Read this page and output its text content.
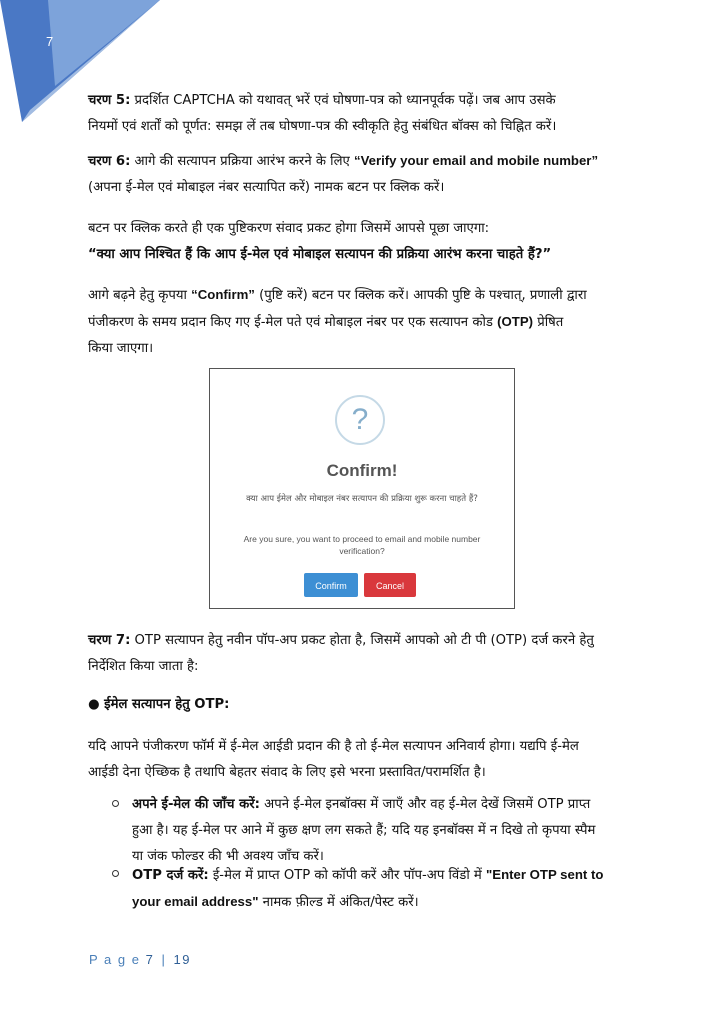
7

चरण 5: प्रदर्शित CAPTCHA को यथावत् भरें एवं घोषणा-पत्र को ध्यानपूर्वक पढ़ें। जब आप उसके

नियमों एवं शर्तों को पूर्णत: समझ लें तब घोषणा-पत्र की स्वीकृति हेतु संबंधित बॉक्स को चिह्नित करें।

चरण 6: आगे की सत्यापन प्रक्रिया आरंभ करने के लिए “Verify your email and mobile number”

(अपना ई-मेल एवं मोबाइल नंबर सत्यापित करें) नामक बटन पर क्लिक करें।

बटन पर क्लिक करते ही एक पुष्टिकरण संवाद प्रकट होगा जिसमें आपसे पूछा जाएगा:

“क्या आप निश्चित हैं कि आप ई-मेल एवं मोबाइल सत्यापन की प्रक्रिया आरंभ करना चाहते हैं?”

आगे बढ़ने हेतु कृपया “Confirm” (पुष्टि करें) बटन पर क्लिक करें। आपकी पुष्टि के पश्चात्, प्रणाली द्वारा

पंजीकरण के समय प्रदान किए गए ई-मेल पते एवं मोबाइल नंबर पर एक सत्यापन कोड (OTP) प्रेषित

किया जाएगा।

?
Confirm!
क्या आप ईमेल और मोबाइल नंबर सत्यापन की प्रक्रिया शुरू करना चाहते हैं?
Are you sure, you want to proceed to email and mobile number verification?
Confirm	Cancel

चरण 7: OTP सत्यापन हेतु नवीन पॉप-अप प्रकट होता है, जिसमें आपको ओ टी पी (OTP) दर्ज करने हेतु

निर्देशित किया जाता है:

● ईमेल सत्यापन हेतु OTP:

यदि आपने पंजीकरण फॉर्म में ई-मेल आईडी प्रदान की है तो ई-मेल सत्यापन अनिवार्य होगा। यद्यपि ई-मेल

आईडी देना ऐच्छिक है तथापि बेहतर संवाद के लिए इसे भरना प्रस्तावित/परामर्शित है।

अपने ई-मेल की जाँच करें: अपने ई-मेल इनबॉक्स में जाएँ और वह ई-मेल देखें जिसमें OTP प्राप्त

हुआ है। यह ई-मेल पर आने में कुछ क्षण लग सकते हैं; यदि यह इनबॉक्स में न दिखे तो कृपया स्पैम

या जंक फोल्डर की भी अवश्य जाँच करें।

OTP दर्ज करें: ई-मेल में प्राप्त OTP को कॉपी करें और पॉप-अप विंडो में "Enter OTP sent to

your email address" नामक फ़ील्ड में अंकित/पेस्ट करें।

P a g e 7 | 19
